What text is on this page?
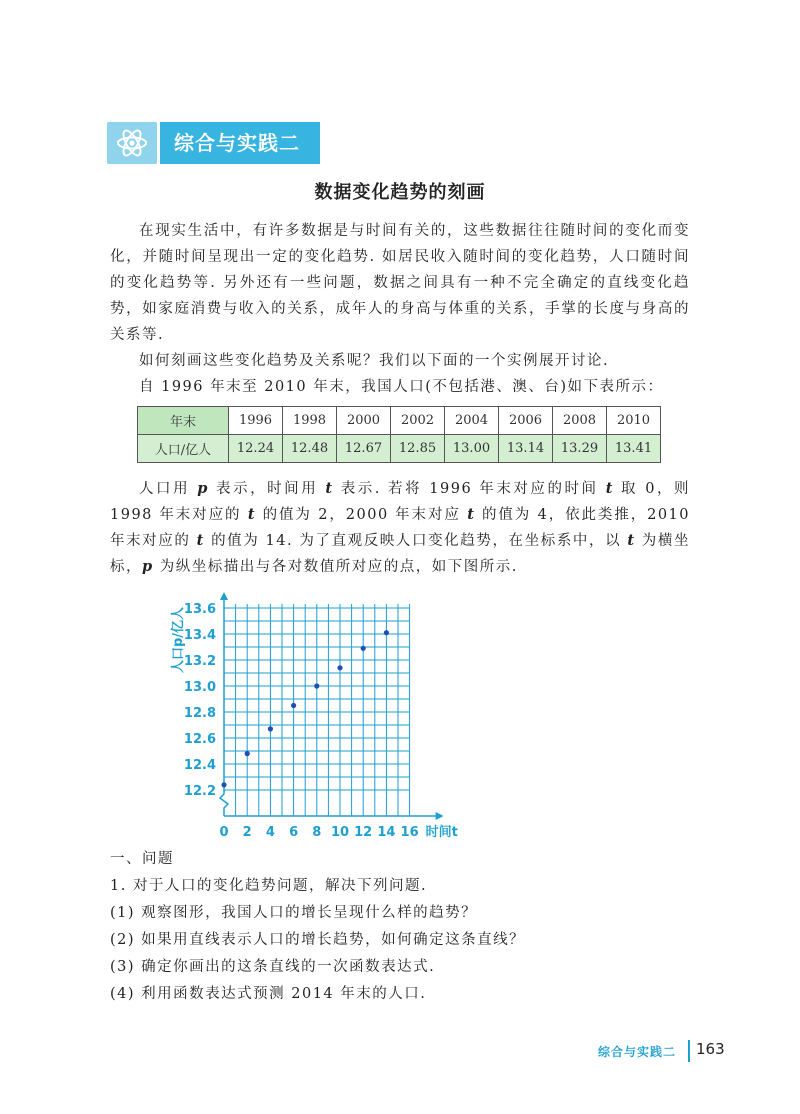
综合与实践二
数据变化趋势的刻画

在现实生活中，有许多数据是与时间有关的，这些数据往往随时间的变化而变化，并随时间呈现出一定的变化趋势. 如居民收入随时间的变化趋势，人口随时间的变化趋势等. 另外还有一些问题，数据之间具有一种不完全确定的直线变化趋势，如家庭消费与收入的关系，成年人的身高与体重的关系，手掌的长度与身高的关系等.

如何刻画这些变化趋势及关系呢？我们以下面的一个实例展开讨论.

自 1996 年末至 2010 年末，我国人口(不包括港、澳、台)如下表所示：

年末	1996	1998	2000	2002	2004	2006	2008	2010
人口/亿人	12.24	12.48	12.67	12.85	13.00	13.14	13.29	13.41

人口用 p 表示，时间用 t 表示. 若将 1996 年末对应的时间 t 取 0，则 1998 年末对应的 t 的值为 2，2000 年末对应 t 的值为 4，依此类推，2010 年末对应的 t 的值为 14. 为了直观反映人口变化趋势，在坐标系中，以 t 为横坐标，p 为纵坐标描出与各对数值所对应的点，如下图所示.

0 2 4 6 8 10 12 14 16 时间t
12.2
12.4
12.6
12.8
13.0
13.2
13.4
13.6
人口p/亿人

一、问题

1. 对于人口的变化趋势问题，解决下列问题.

(1) 观察图形，我国人口的增长呈现什么样的趋势？

(2) 如果用直线表示人口的增长趋势，如何确定这条直线？

(3) 确定你画出的这条直线的一次函数表达式.

(4) 利用函数表达式预测 2014 年末的人口.

综合与实践二 163
